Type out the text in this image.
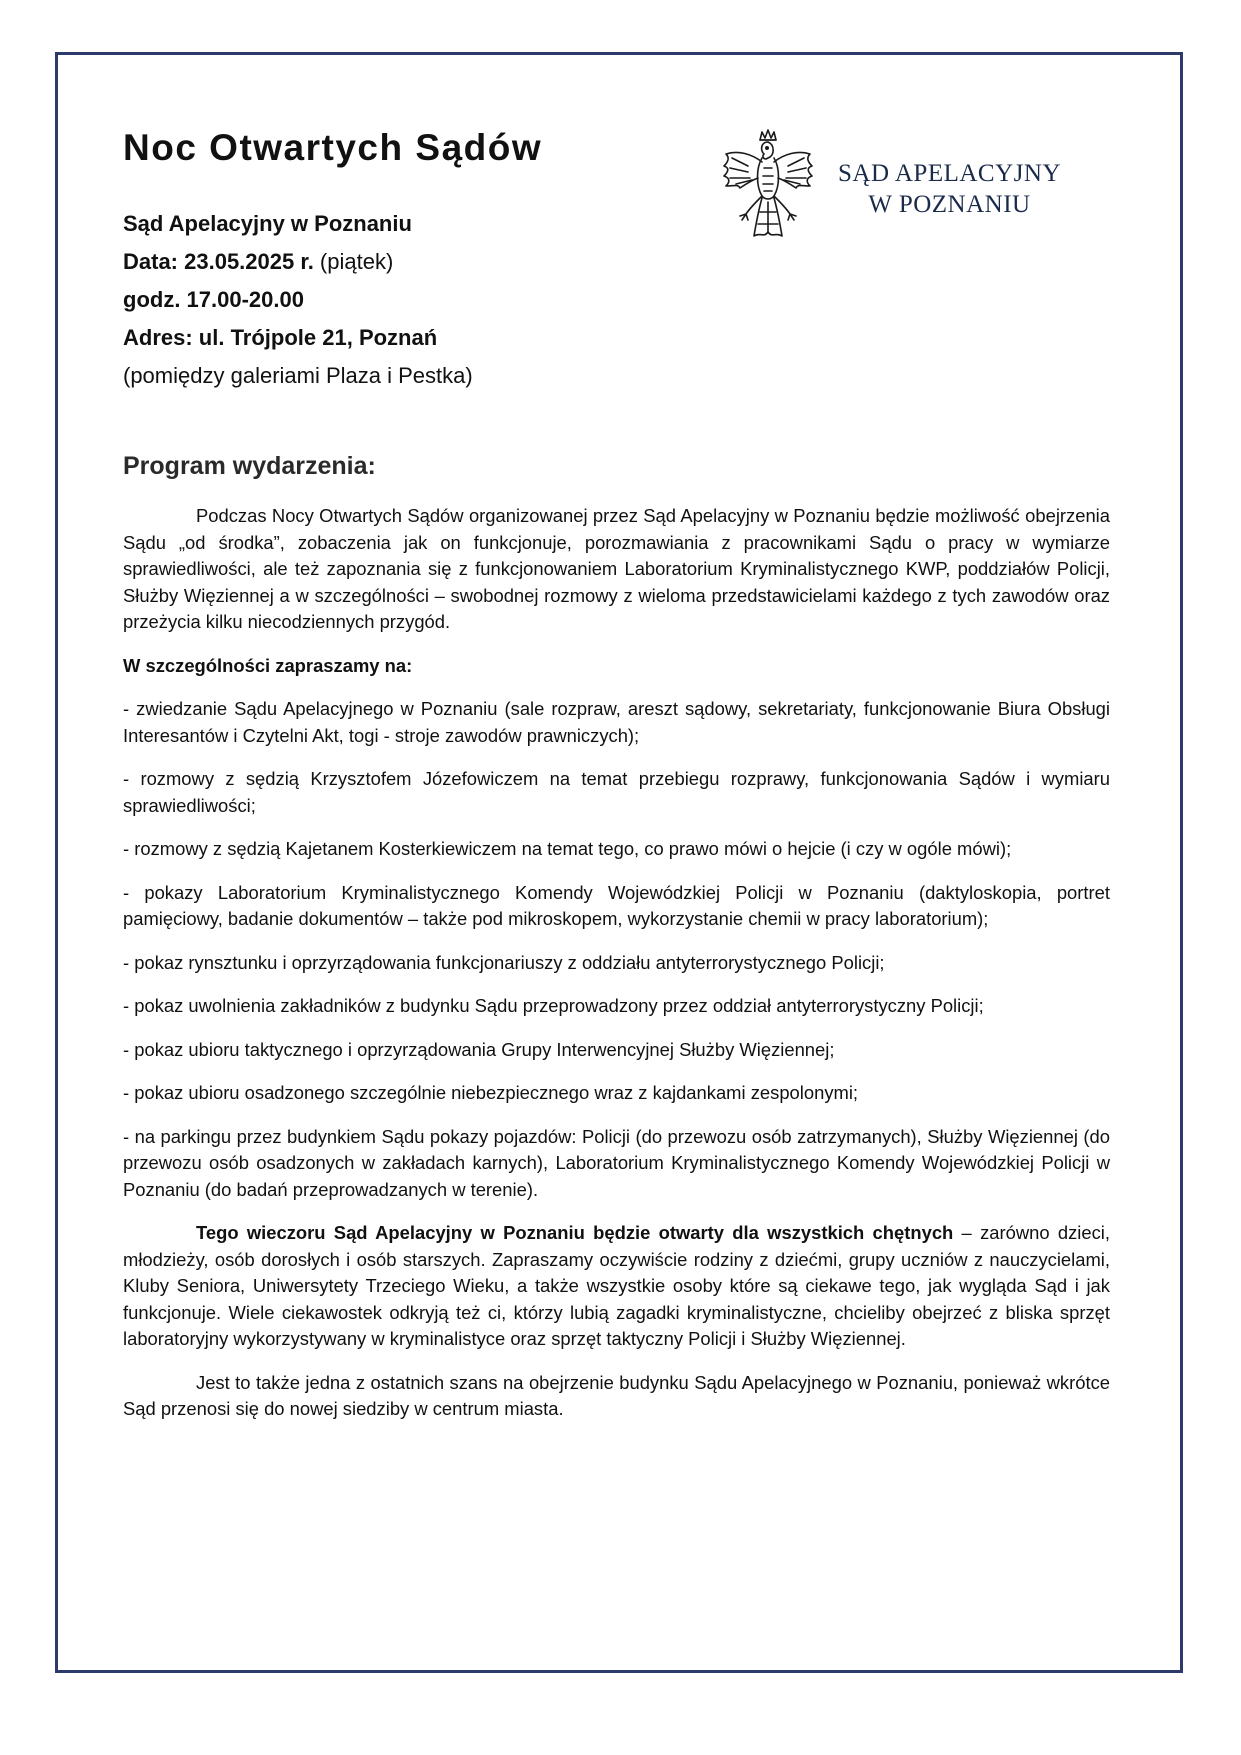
Noc Otwartych Sądów
Sąd Apelacyjny w Poznaniu
Data: 23.05.2025 r. (piątek)
godz. 17.00-20.00
Adres: ul. Trójpole 21, Poznań
(pomiędzy galeriami Plaza i Pestka)
SĄD APELACYJNY
W POZNANIU
Program wydarzenia:

Podczas Nocy Otwartych Sądów organizowanej przez Sąd Apelacyjny w Poznaniu będzie możliwość obejrzenia Sądu „od środka”, zobaczenia jak on funkcjonuje, porozmawiania z pracownikami Sądu o pracy w wymiarze sprawiedliwości, ale też zapoznania się z funkcjonowaniem Laboratorium Kryminalistycznego KWP, poddziałów Policji, Służby Więziennej a w szczególności – swobodnej rozmowy z wieloma przedstawicielami każdego z tych zawodów oraz przeżycia kilku niecodziennych przygód.

W szczególności zapraszamy na:

- zwiedzanie Sądu Apelacyjnego w Poznaniu (sale rozpraw, areszt sądowy, sekretariaty, funkcjonowanie Biura Obsługi Interesantów i Czytelni Akt, togi - stroje zawodów prawniczych);

- rozmowy z sędzią Krzysztofem Józefowiczem na temat przebiegu rozprawy, funkcjonowania Sądów i wymiaru sprawiedliwości;

- rozmowy z sędzią Kajetanem Kosterkiewiczem na temat tego, co prawo mówi o hejcie (i czy w ogóle mówi);

- pokazy Laboratorium Kryminalistycznego Komendy Wojewódzkiej Policji w Poznaniu (daktyloskopia, portret pamięciowy, badanie dokumentów – także pod mikroskopem, wykorzystanie chemii w pracy laboratorium);

- pokaz rynsztunku i oprzyrządowania funkcjonariuszy z oddziału antyterrorystycznego Policji;

- pokaz uwolnienia zakładników z budynku Sądu przeprowadzony przez oddział antyterrorystyczny Policji;

- pokaz ubioru taktycznego i oprzyrządowania Grupy Interwencyjnej Służby Więziennej;

- pokaz ubioru osadzonego szczególnie niebezpiecznego wraz z kajdankami zespolonymi;

- na parkingu przez budynkiem Sądu pokazy pojazdów: Policji (do przewozu osób zatrzymanych), Służby Więziennej (do przewozu osób osadzonych w zakładach karnych), Laboratorium Kryminalistycznego Komendy Wojewódzkiej Policji w Poznaniu (do badań przeprowadzanych w terenie).

Tego wieczoru Sąd Apelacyjny w Poznaniu będzie otwarty dla wszystkich chętnych – zarówno dzieci, młodzieży, osób dorosłych i osób starszych. Zapraszamy oczywiście rodziny z dziećmi, grupy uczniów z nauczycielami, Kluby Seniora, Uniwersytety Trzeciego Wieku, a także wszystkie osoby które są ciekawe tego, jak wygląda Sąd i jak funkcjonuje. Wiele ciekawostek odkryją też ci, którzy lubią zagadki kryminalistyczne, chcieliby obejrzeć z bliska sprzęt laboratoryjny wykorzystywany w kryminalistyce oraz sprzęt taktyczny Policji i Służby Więziennej.

Jest to także jedna z ostatnich szans na obejrzenie budynku Sądu Apelacyjnego w Poznaniu, ponieważ wkrótce Sąd przenosi się do nowej siedziby w centrum miasta.
